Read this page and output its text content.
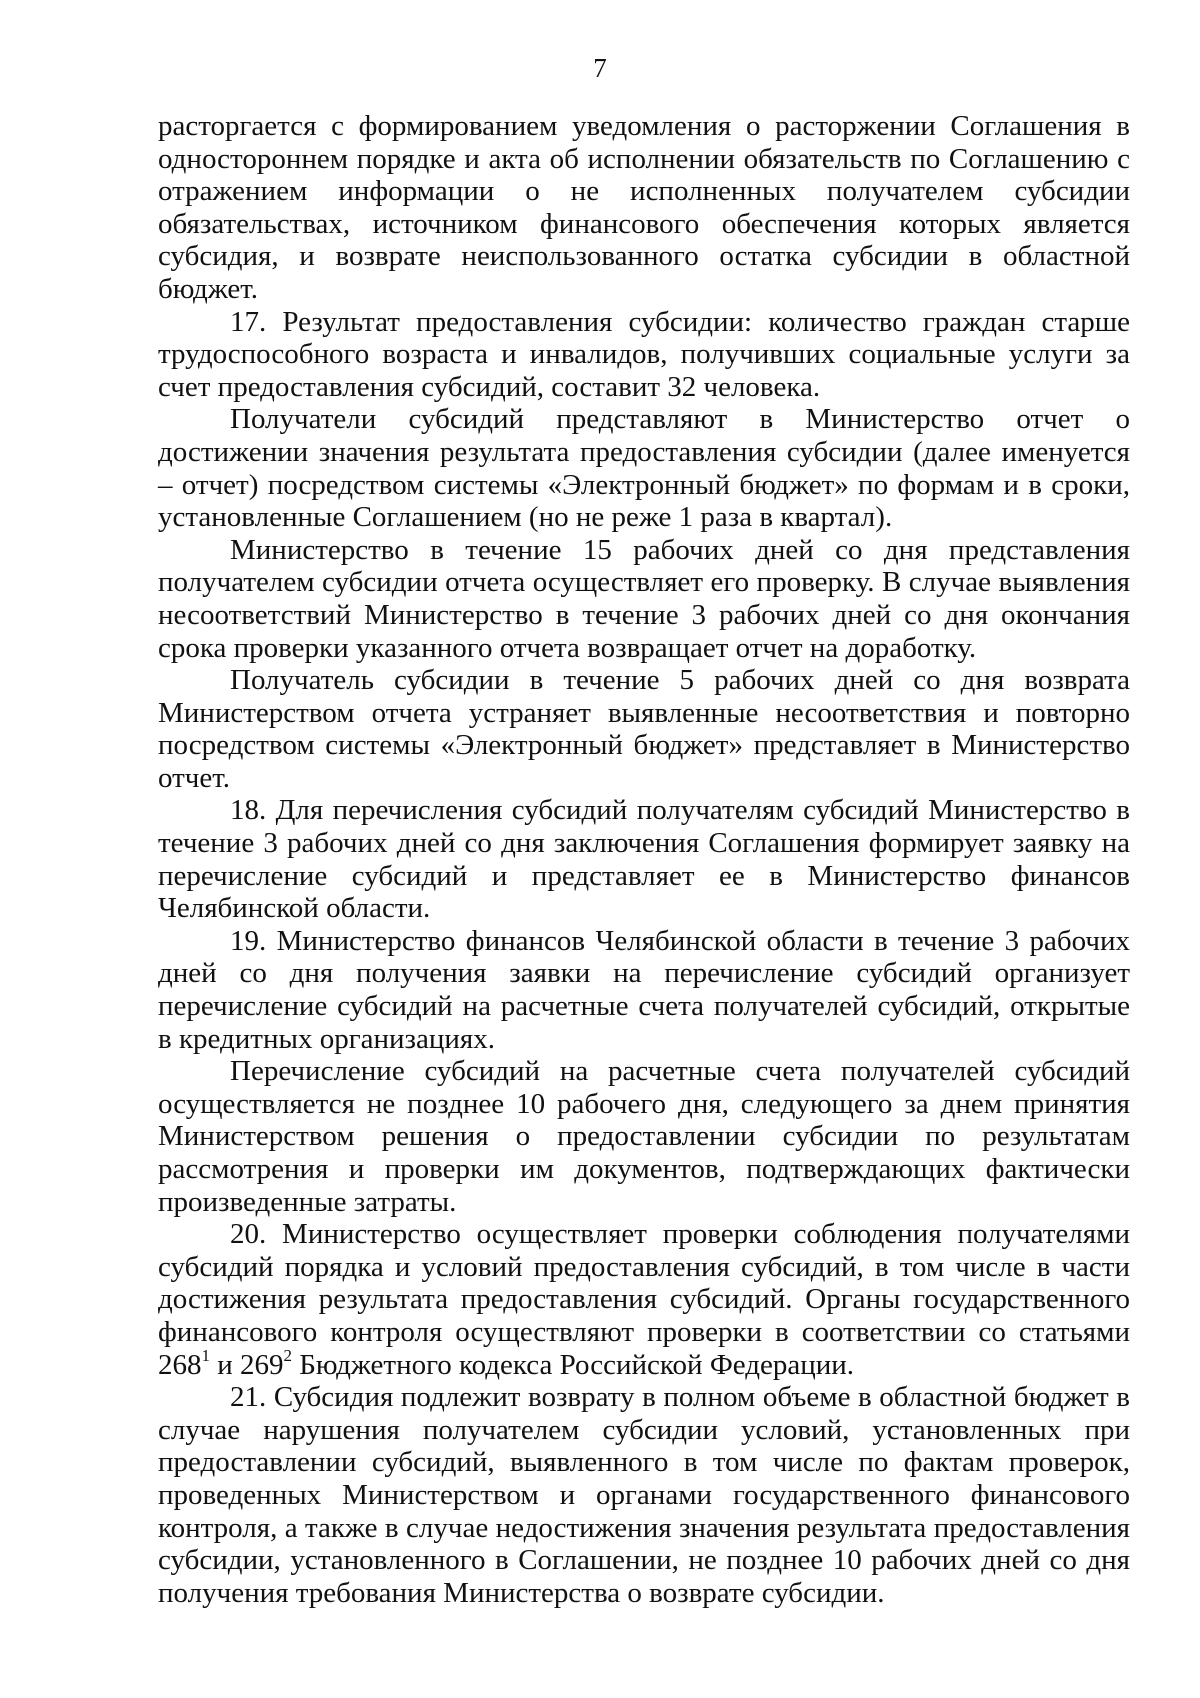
7

расторгается с формированием уведомления о расторжении Соглашения в одностороннем порядке и акта об исполнении обязательств по Соглашению с отражением информации о не исполненных получателем субсидии обязательствах, источником финансового обеспечения которых является субсидия, и возврате неиспользованного остатка субсидии в областной бюджет.

17. Результат предоставления субсидии: количество граждан старше трудоспособного возраста и инвалидов, получивших социальные услуги за счет предоставления субсидий, составит 32 человека.

Получатели субсидий представляют в Министерство отчет о достижении значения результата предоставления субсидии (далее именуется – отчет) посредством системы «Электронный бюджет» по формам и в сроки, установленные Соглашением (но не реже 1 раза в квартал).

Министерство в течение 15 рабочих дней со дня представления получателем субсидии отчета осуществляет его проверку. В случае выявления несоответствий Министерство в течение 3 рабочих дней со дня окончания срока проверки указанного отчета возвращает отчет на доработку.

Получатель субсидии в течение 5 рабочих дней со дня возврата Министерством отчета устраняет выявленные несоответствия и повторно посредством системы «Электронный бюджет» представляет в Министерство отчет.

18. Для перечисления субсидий получателям субсидий Министерство в течение 3 рабочих дней со дня заключения Соглашения формирует заявку на перечисление субсидий и представляет ее в Министерство финансов Челябинской области.

19. Министерство финансов Челябинской области в течение 3 рабочих дней со дня получения заявки на перечисление субсидий организует перечисление субсидий на расчетные счета получателей субсидий, открытые в кредитных организациях.

Перечисление субсидий на расчетные счета получателей субсидий осуществляется не позднее 10 рабочего дня, следующего за днем принятия Министерством решения о предоставлении субсидии по результатам рассмотрения и проверки им документов, подтверждающих фактически произведенные затраты.

20. Министерство осуществляет проверки соблюдения получателями субсидий порядка и условий предоставления субсидий, в том числе в части достижения результата предоставления субсидий. Органы государственного финансового контроля осуществляют проверки в соответствии со статьями $268^1$ и $269^2$ Бюджетного кодекса Российской Федерации.

21. Субсидия подлежит возврату в полном объеме в областной бюджет в случае нарушения получателем субсидии условий, установленных при предоставлении субсидий, выявленного в том числе по фактам проверок, проведенных Министерством и органами государственного финансового контроля, а также в случае недостижения значения результата предоставления субсидии, установленного в Соглашении, не позднее 10 рабочих дней со дня получения требования Министерства о возврате субсидии.
